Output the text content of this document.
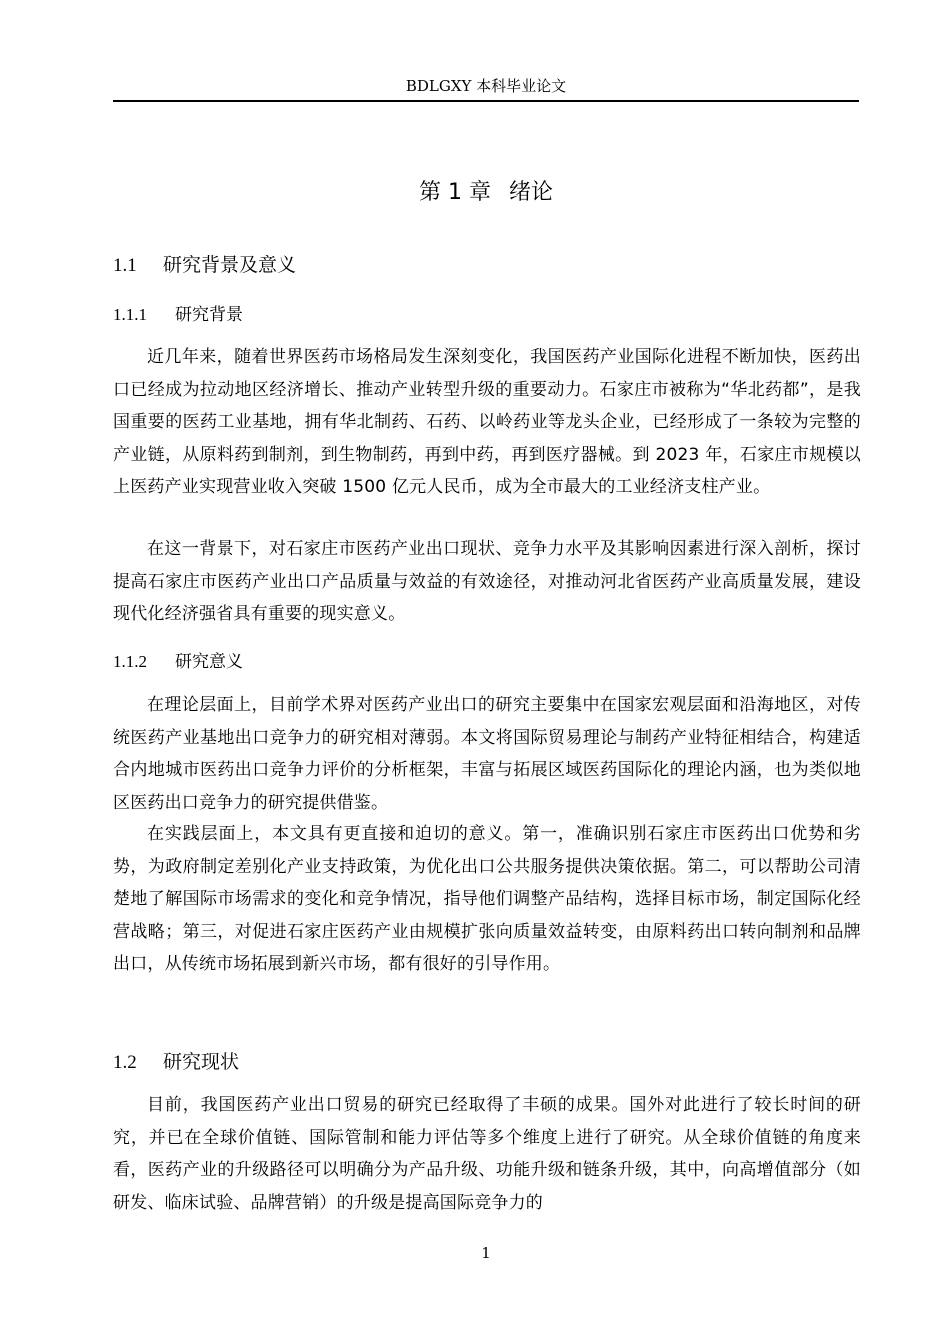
BDLGXY 本科毕业论文
第 1 章 绪论
1.1 研究背景及意义
1.1.1 研究背景

近几年来，随着世界医药市场格局发生深刻变化，我国医药产业国际化进程不断加快，医药出口已经成为拉动地区经济增长、推动产业转型升级的重要动力。石家庄市被称为“华北药都”，是我国重要的医药工业基地，拥有华北制药、石药、以岭药业等龙头企业，已经形成了一条较为完整的产业链，从原料药到制剂，到生物制药，再到中药，再到医疗器械。到 2023 年，石家庄市规模以上医药产业实现营业收入突破 1500 亿元人民币，成为全市最大的工业经济支柱产业。

在这一背景下，对石家庄市医药产业出口现状、竞争力水平及其影响因素进行深入剖析，探讨提高石家庄市医药产业出口产品质量与效益的有效途径，对推动河北省医药产业高质量发展，建设现代化经济强省具有重要的现实意义。

1.1.2 研究意义

在理论层面上，目前学术界对医药产业出口的研究主要集中在国家宏观层面和沿海地区，对传统医药产业基地出口竞争力的研究相对薄弱。本文将国际贸易理论与制药产业特征相结合，构建适合内地城市医药出口竞争力评价的分析框架，丰富与拓展区域医药国际化的理论内涵，也为类似地区医药出口竞争力的研究提供借鉴。

在实践层面上，本文具有更直接和迫切的意义。第一，准确识别石家庄市医药出口优势和劣势，为政府制定差别化产业支持政策，为优化出口公共服务提供决策依据。第二，可以帮助公司清楚地了解国际市场需求的变化和竞争情况，指导他们调整产品结构，选择目标市场，制定国际化经营战略；第三，对促进石家庄医药产业由规模扩张向质量效益转变，由原料药出口转向制剂和品牌出口，从传统市场拓展到新兴市场，都有很好的引导作用。

1.2 研究现状

目前，我国医药产业出口贸易的研究已经取得了丰硕的成果。国外对此进行了较长时间的研究，并已在全球价值链、国际管制和能力评估等多个维度上进行了研究。从全球价值链的角度来看，医药产业的升级路径可以明确分为产品升级、功能升级和链条升级，其中，向高增值部分（如研发、临床试验、品牌营销）的升级是提高国际竞争力的

1
